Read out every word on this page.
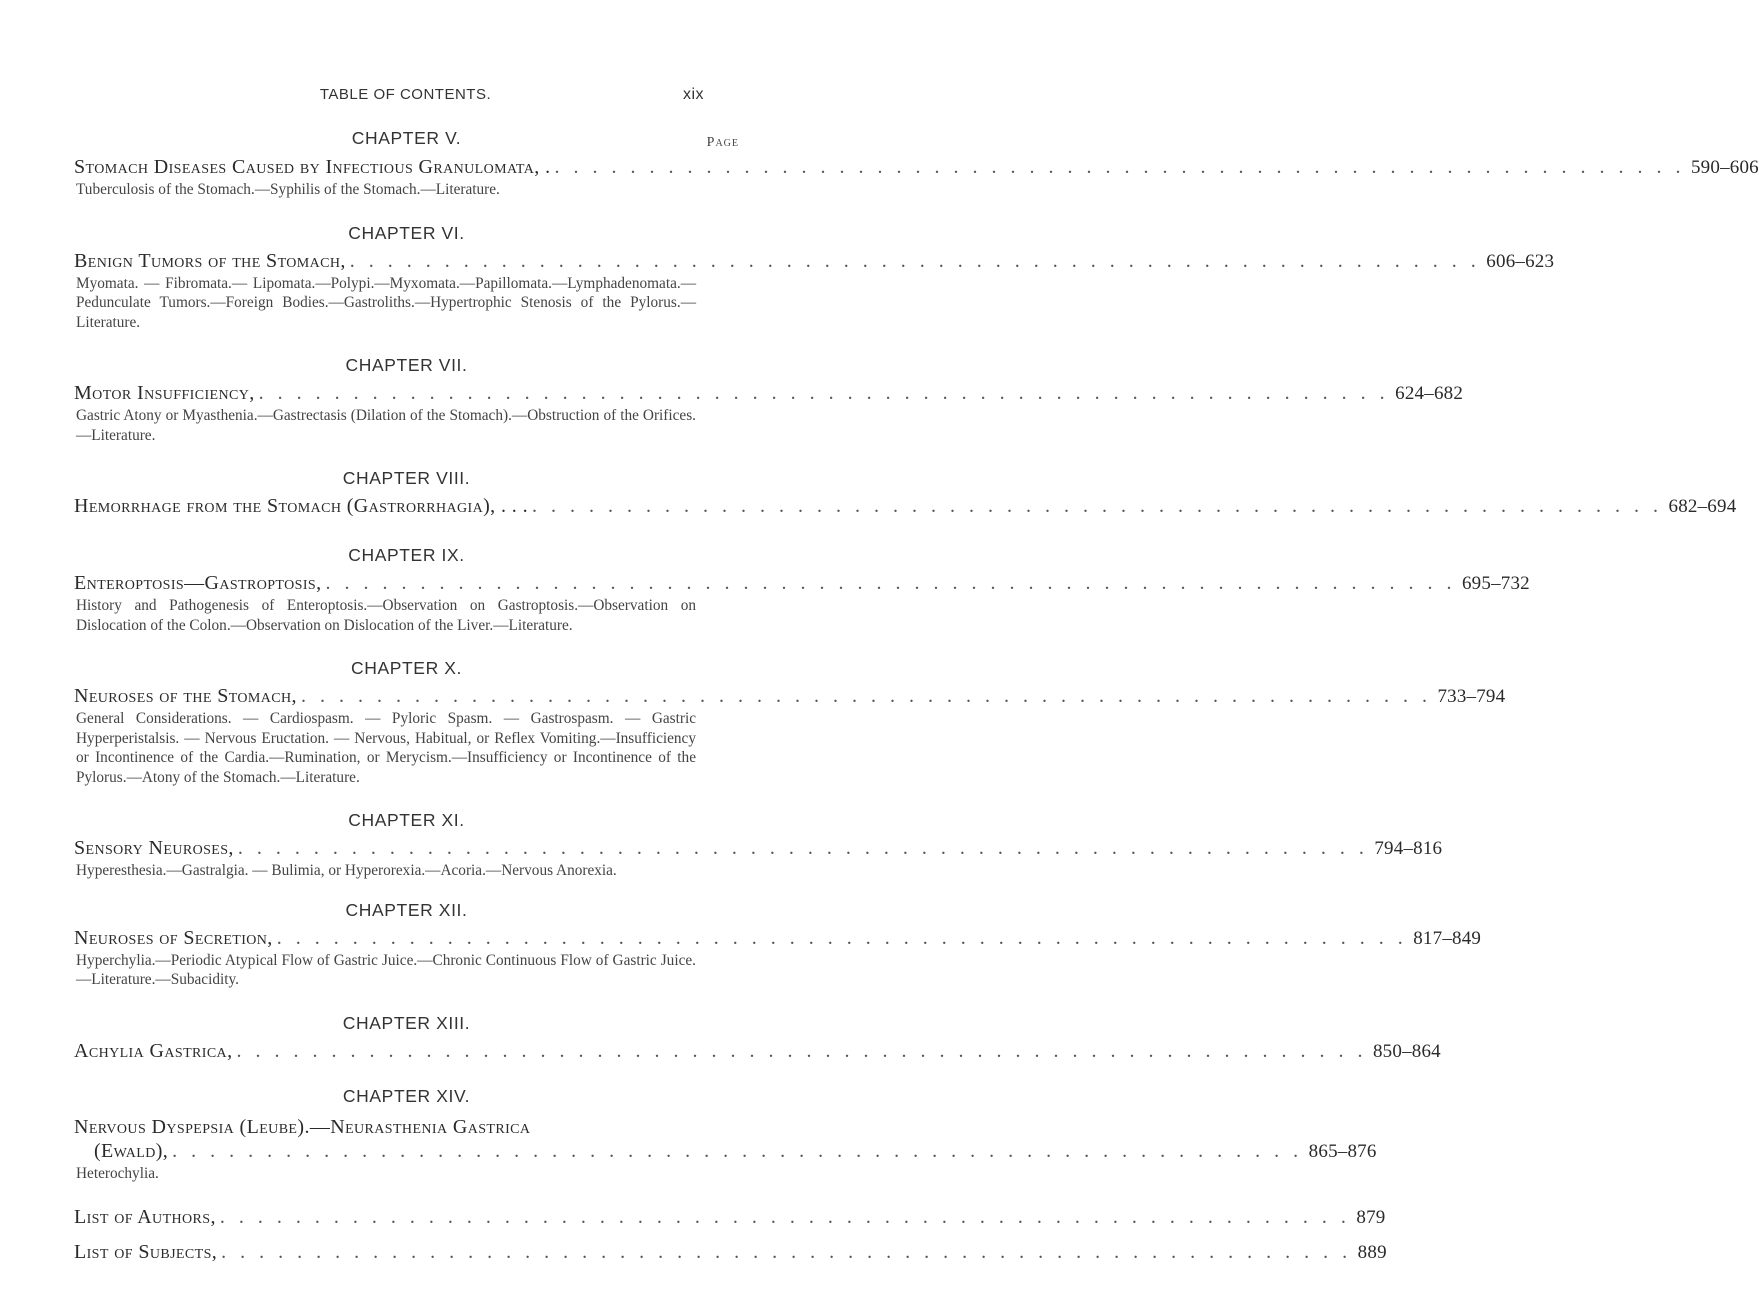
TABLE OF CONTENTS.	xix
CHAPTER V.	Page
Stomach Diseases Caused by Infectious Granulomata, . . . . . . . . . . . . . . . . . . . . . . . . . . . . . . . . . . . . . . . . . . . . . . . . . . . . . . . . . . . . . 590–606
Tuberculosis of the Stomach.—Syphilis of the Stomach.—Literature.
CHAPTER VI.
Benign Tumors of the Stomach, . . . . . . . . . . . . . . . . . . . . . . . . . . . . . . . . . . . . . . . . . . . . . . . . . . . . . . . . . . . . 606–623
Myomata. — Fibromata.— Lipomata.—Polypi.—Myxomata.—Papillomata.—Lymphadenomata.—Pedunculate Tumors.—Foreign Bodies.—Gastroliths.—Hypertrophic Stenosis of the Pylorus.—Literature.
CHAPTER VII.
Motor Insufficiency, . . . . . . . . . . . . . . . . . . . . . . . . . . . . . . . . . . . . . . . . . . . . . . . . . . . . . . . . . . . . 624–682
Gastric Atony or Myasthenia.—Gastrectasis (Dilation of the Stomach).—Obstruction of the Orifices.—Literature.
CHAPTER VIII.
Hemorrhage from the Stomach (Gastrorrhagia), . . . . . . . . . . . . . . . . . . . . . . . . . . . . . . . . . . . . . . . . . . . . . . . . . . . . . . . . . . . . . . . 682–694
CHAPTER IX.
Enteroptosis—Gastroptosis, . . . . . . . . . . . . . . . . . . . . . . . . . . . . . . . . . . . . . . . . . . . . . . . . . . . . . . . . . . . . 695–732
History and Pathogenesis of Enteroptosis.—Observation on Gastroptosis.—Observation on Dislocation of the Colon.—Observation on Dislocation of the Liver.—Literature.
CHAPTER X.
Neuroses of the Stomach, . . . . . . . . . . . . . . . . . . . . . . . . . . . . . . . . . . . . . . . . . . . . . . . . . . . . . . . . . . . . 733–794
General Considerations. — Cardiospasm. — Pyloric Spasm. — Gastrospasm. — Gastric Hyperperistalsis. — Nervous Eructation. — Nervous, Habitual, or Reflex Vomiting.—Insufficiency or Incontinence of the Cardia.—Rumination, or Merycism.—Insufficiency or Incontinence of the Pylorus.—Atony of the Stomach.—Literature.
CHAPTER XI.
Sensory Neuroses, . . . . . . . . . . . . . . . . . . . . . . . . . . . . . . . . . . . . . . . . . . . . . . . . . . . . . . . . . . . . 794–816
Hyperesthesia.—Gastralgia. — Bulimia, or Hyperorexia.—Acoria.—Nervous Anorexia.
CHAPTER XII.
Neuroses of Secretion, . . . . . . . . . . . . . . . . . . . . . . . . . . . . . . . . . . . . . . . . . . . . . . . . . . . . . . . . . . . . 817–849
Hyperchylia.—Periodic Atypical Flow of Gastric Juice.—Chronic Continuous Flow of Gastric Juice.—Literature.—Subacidity.
CHAPTER XIII.
Achylia Gastrica, . . . . . . . . . . . . . . . . . . . . . . . . . . . . . . . . . . . . . . . . . . . . . . . . . . . . . . . . . . . . 850–864
CHAPTER XIV.
Nervous Dyspepsia (Leube).—Neurasthenia Gastrica
(Ewald), . . . . . . . . . . . . . . . . . . . . . . . . . . . . . . . . . . . . . . . . . . . . . . . . . . . . . . . . . . . . 865–876
Heterochylia.
List of Authors, . . . . . . . . . . . . . . . . . . . . . . . . . . . . . . . . . . . . . . . . . . . . . . . . . . . . . . . . . . . . 879
List of Subjects, . . . . . . . . . . . . . . . . . . . . . . . . . . . . . . . . . . . . . . . . . . . . . . . . . . . . . . . . . . . . 889
